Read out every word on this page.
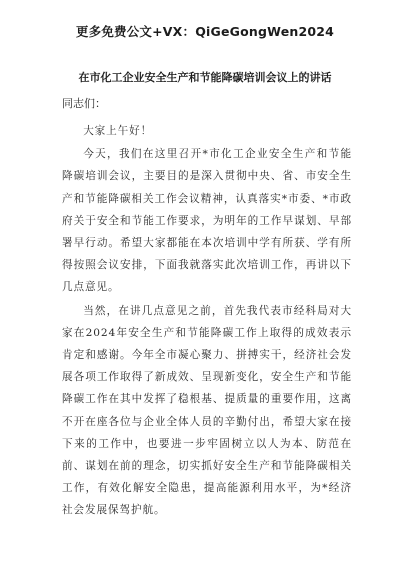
更多免费公文+VX：QiGeGongWen2024
在市化工企业安全生产和节能降碳培训会议上的讲话
同志们：

大家上午好！

今天，我们在这里召开*市化工企业安全生产和节能降碳培训会议，主要目的是深入贯彻中央、省、市安全生产和节能降碳相关工作会议精神，认真落实*市委、*市政府关于安全和节能工作要求，为明年的工作早谋划、早部署早行动。希望大家都能在本次培训中学有所获、学有所得按照会议安排，下面我就落实此次培训工作，再讲以下几点意见。

当然，在讲几点意见之前，首先我代表市经科局对大家在2024年安全生产和节能降碳工作上取得的成效表示肯定和感谢。今年全市凝心聚力、拼搏实干，经济社会发展各项工作取得了新成效、呈现新变化，安全生产和节能降碳工作在其中发挥了稳根基、提质量的重要作用，这离不开在座各位与企业全体人员的辛勤付出，希望大家在接下来的工作中，也要进一步牢固树立以人为本、防范在前、谋划在前的理念，切实抓好安全生产和节能降碳相关工作，有效化解安全隐患，提高能源利用水平，为*经济社会发展保驾护航。
